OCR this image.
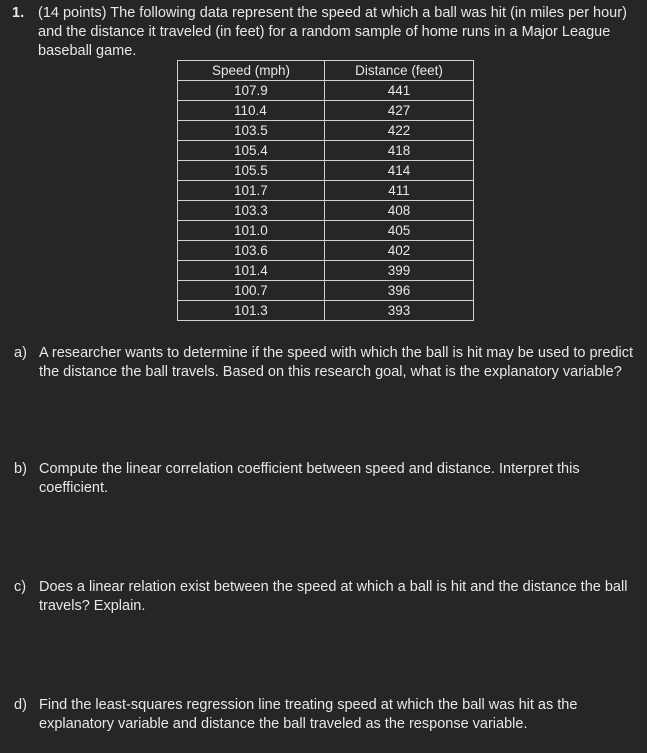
1. (14 points) The following data represent the speed at which a ball was hit (in miles per hour) and the distance it traveled (in feet) for a random sample of home runs in a Major League baseball game.
Speed (mph)	Distance (feet)
107.9	441
110.4	427
103.5	422
105.4	418
105.5	414
101.7	411
103.3	408
101.0	405
103.6	402
101.4	399
100.7	396
101.3	393
a) A researcher wants to determine if the speed with which the ball is hit may be used to predict the distance the ball travels. Based on this research goal, what is the explanatory variable?
b) Compute the linear correlation coefficient between speed and distance. Interpret this coefficient.
c) Does a linear relation exist between the speed at which a ball is hit and the distance the ball travels? Explain.
d) Find the least-squares regression line treating speed at which the ball was hit as the explanatory variable and distance the ball traveled as the response variable.
